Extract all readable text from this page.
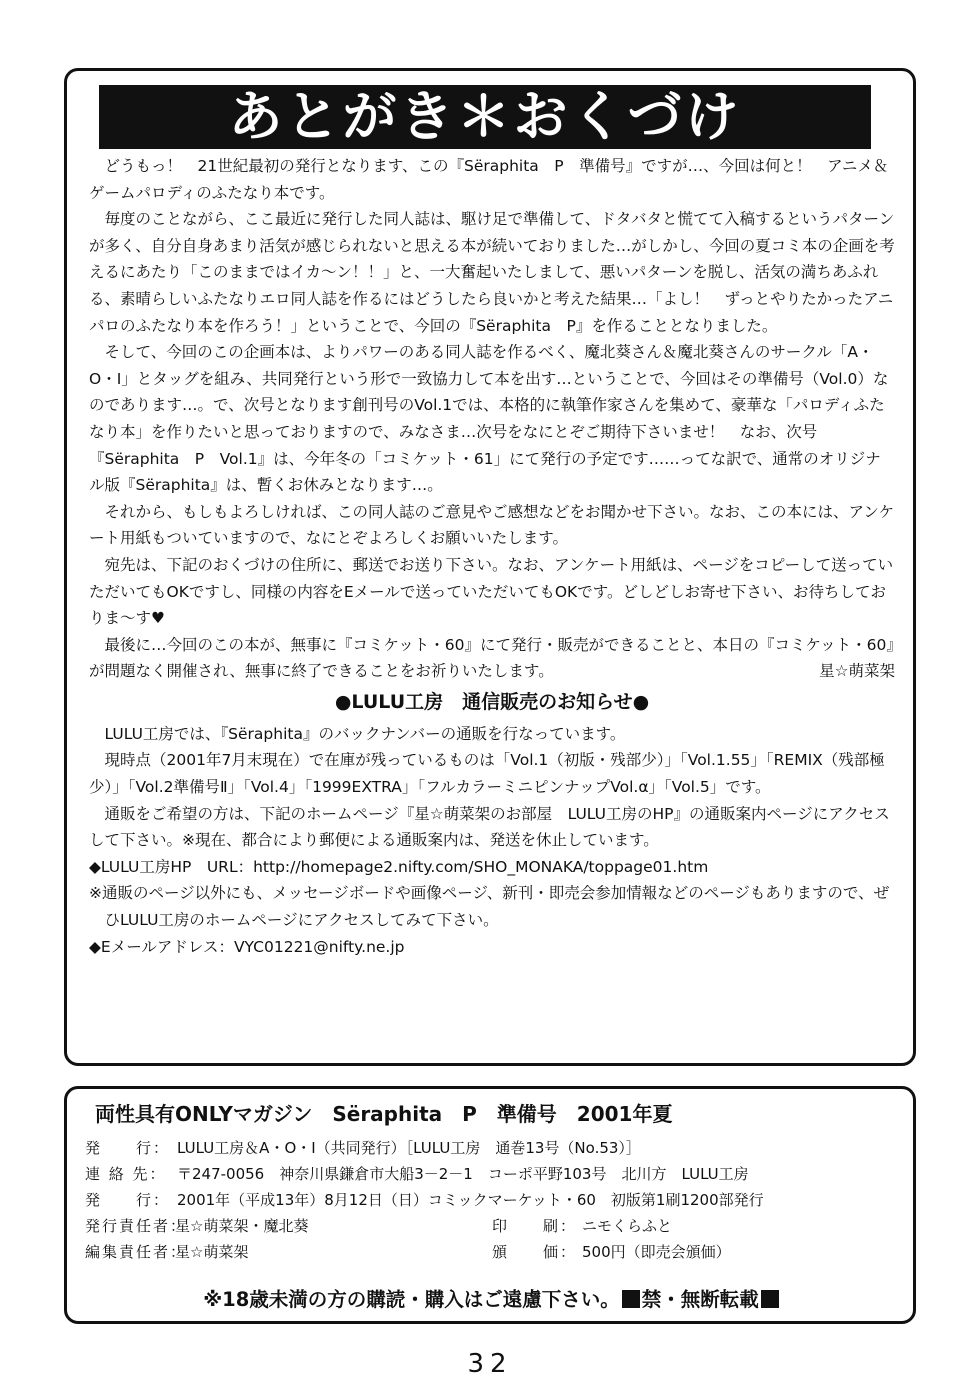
あとがき＊おくづけ

どうもっ！　21世紀最初の発行となります、この『Sëraphita　P　準備号』ですが…、今回は何と！　アニメ＆ゲームパロディのふたなり本です。

毎度のことながら、ここ最近に発行した同人誌は、駆け足で準備して、ドタバタと慌てて入稿するというパターンが多く、自分自身あまり活気が感じられないと思える本が続いておりました…がしかし、今回の夏コミ本の企画を考えるにあたり「このままではイカ～ン！！」と、一大奮起いたしまして、悪いパターンを脱し、活気の満ちあふれる、素晴らしいふたなりエロ同人誌を作るにはどうしたら良いかと考えた結果…「よし！　ずっとやりたかったアニパロのふたなり本を作ろう！」ということで、今回の『Sëraphita　P』を作ることとなりました。

そして、今回のこの企画本は、よりパワーのある同人誌を作るべく、魔北葵さん＆魔北葵さんのサークル「A・O・I」とタッグを組み、共同発行という形で一致協力して本を出す…ということで、今回はその準備号（Vol.0）なのであります…。で、次号となります創刊号のVol.1では、本格的に執筆作家さんを集めて、豪華な「パロディふたなり本」を作りたいと思っておりますので、みなさま…次号をなにとぞご期待下さいませ！　なお、次号『Sëraphita　P　Vol.1』は、今年冬の「コミケット・61」にて発行の予定です……ってな訳で、通常のオリジナル版『Sëraphita』は、暫くお休みとなります…。

それから、もしもよろしければ、この同人誌のご意見やご感想などをお聞かせ下さい。なお、この本には、アンケート用紙もついていますので、なにとぞよろしくお願いいたします。

宛先は、下記のおくづけの住所に、郵送でお送り下さい。なお、アンケート用紙は、ページをコピーして送っていただいてもOKですし、同様の内容をEメールで送っていただいてもOKです。どしどしお寄せ下さい、お待ちしておりま～す♥

最後に…今回のこの本が、無事に『コミケット・60』にて発行・販売ができることと、本日の『コミケット・60』が問題なく開催され、無事に終了できることをお祈りいたします。	星☆萌菜架

●LULU工房　通信販売のお知らせ●

LULU工房では、『Sëraphita』のバックナンバーの通販を行なっています。

現時点（2001年7月末現在）で在庫が残っているものは「Vol.1（初版・残部少）」「Vol.1.55」「REMIX（残部極少）」「Vol.2準備号Ⅱ」「Vol.4」「1999EXTRA」「フルカラーミニピンナップVol.α」「Vol.5」です。

通販をご希望の方は、下記のホームページ『星☆萌菜架のお部屋　LULU工房のHP』の通販案内ページにアクセスして下さい。※現在、都合により郵便による通販案内は、発送を休止しています。

◆LULU工房HP　URL：http://homepage2.nifty.com/SHO_MONAKA/toppage01.htm

※通販のページ以外にも、メッセージボードや画像ページ、新刊・即売会参加情報などのページもありますので、ぜひLULU工房のホームページにアクセスしてみて下さい。

◆Eメールアドレス：VYC01221@nifty.ne.jp

両性具有ONLYマガジン　Sëraphita　P　準備号　2001年夏
発　　行： LULU工房＆A・O・I（共同発行）［LULU工房　通巻13号（No.53）］
連 絡 先： 〒247-0056　神奈川県鎌倉市大船3－2－1　コーポ平野103号　北川方　LULU工房
発　　行： 2001年（平成13年）8月12日（日）コミックマーケット・60　初版第1刷1200部発行
発行責任者：
星☆萌菜架・魔北葵	印　　刷： ニモくらふと
編集責任者：
星☆萌菜架	頒　　価： 500円（即売会頒価）
※18歳未満の方の購読・購入はご遠慮下さい。 禁・無断転載
32
